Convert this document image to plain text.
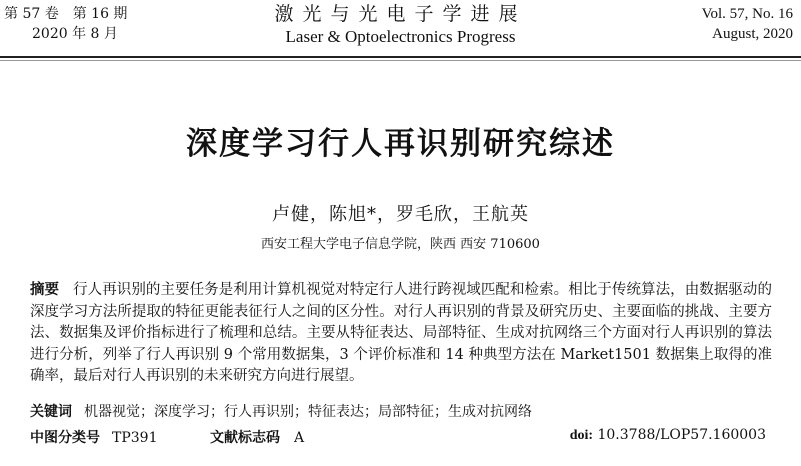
第 57 卷　第 16 期
2020 年 8 月
激光与光电子学进展
Laser & Optoelectronics Progress
Vol. 57, No. 16
August, 2020
深度学习行人再识别研究综述
卢健，陈旭*，罗毛欣，王航英
西安工程大学电子信息学院，陕西 西安 710600
摘要 行人再识别的主要任务是利用计算机视觉对特定行人进行跨视域匹配和检索。相比于传统算法，由数据驱动的深度学习方法所提取的特征更能表征行人之间的区分性。对行人再识别的背景及研究历史、主要面临的挑战、主要方法、数据集及评价指标进行了梳理和总结。主要从特征表达、局部特征、生成对抗网络三个方面对行人再识别的算法进行分析，列举了行人再识别 9 个常用数据集，3 个评价标准和 14 种典型方法在 Market1501 数据集上取得的准确率，最后对行人再识别的未来研究方向进行展望。
关键词 机器视觉；深度学习；行人再识别；特征表达；局部特征；生成对抗网络
中图分类号 TP391	文献标志码 A	doi: 10.3788/LOP57.160003
